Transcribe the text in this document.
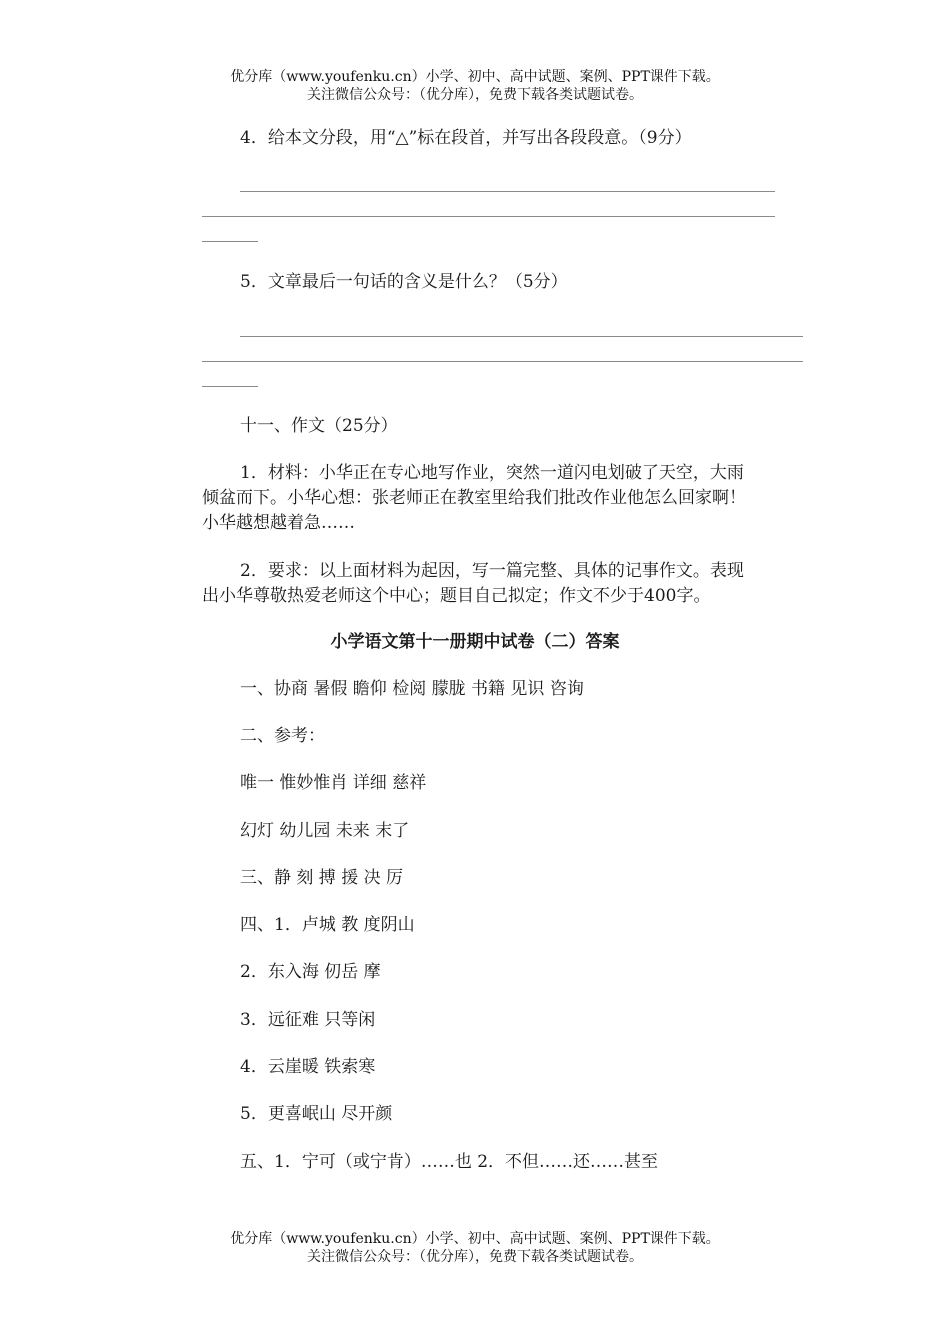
优分库（www.youfenku.cn）小学、初中、高中试题、案例、PPT课件下载。
关注微信公众号：（优分库），免费下载各类试题试卷。
4．给本文分段，用“△”标在段首，并写出各段段意。（9分）
5．文章最后一句话的含义是什么？（5分）
十一、作文（25分）
1．材料：小华正在专心地写作业，突然一道闪电划破了天空，大雨
倾盆而下。小华心想：张老师正在教室里给我们批改作业他怎么回家啊！
小华越想越着急……
2．要求：以上面材料为起因，写一篇完整、具体的记事作文。表现
出小华尊敬热爱老师这个中心；题目自己拟定；作文不少于400字。
小学语文第十一册期中试卷（二）答案
一、协商 暑假 瞻仰 检阅 朦胧 书籍 见识 咨询
二、参考：
唯一 惟妙惟肖 详细 慈祥
幻灯 幼儿园 未来 末了
三、静 刻 搏 援 决 厉
四、1．卢城 教 度阴山
2．东入海 仞岳 摩
3．远征难 只等闲
4．云崖暖 铁索寒
5．更喜岷山 尽开颜
五、1．宁可（或宁肯）……也 2．不但……还……甚至
优分库（www.youfenku.cn）小学、初中、高中试题、案例、PPT课件下载。
关注微信公众号：（优分库），免费下载各类试题试卷。
